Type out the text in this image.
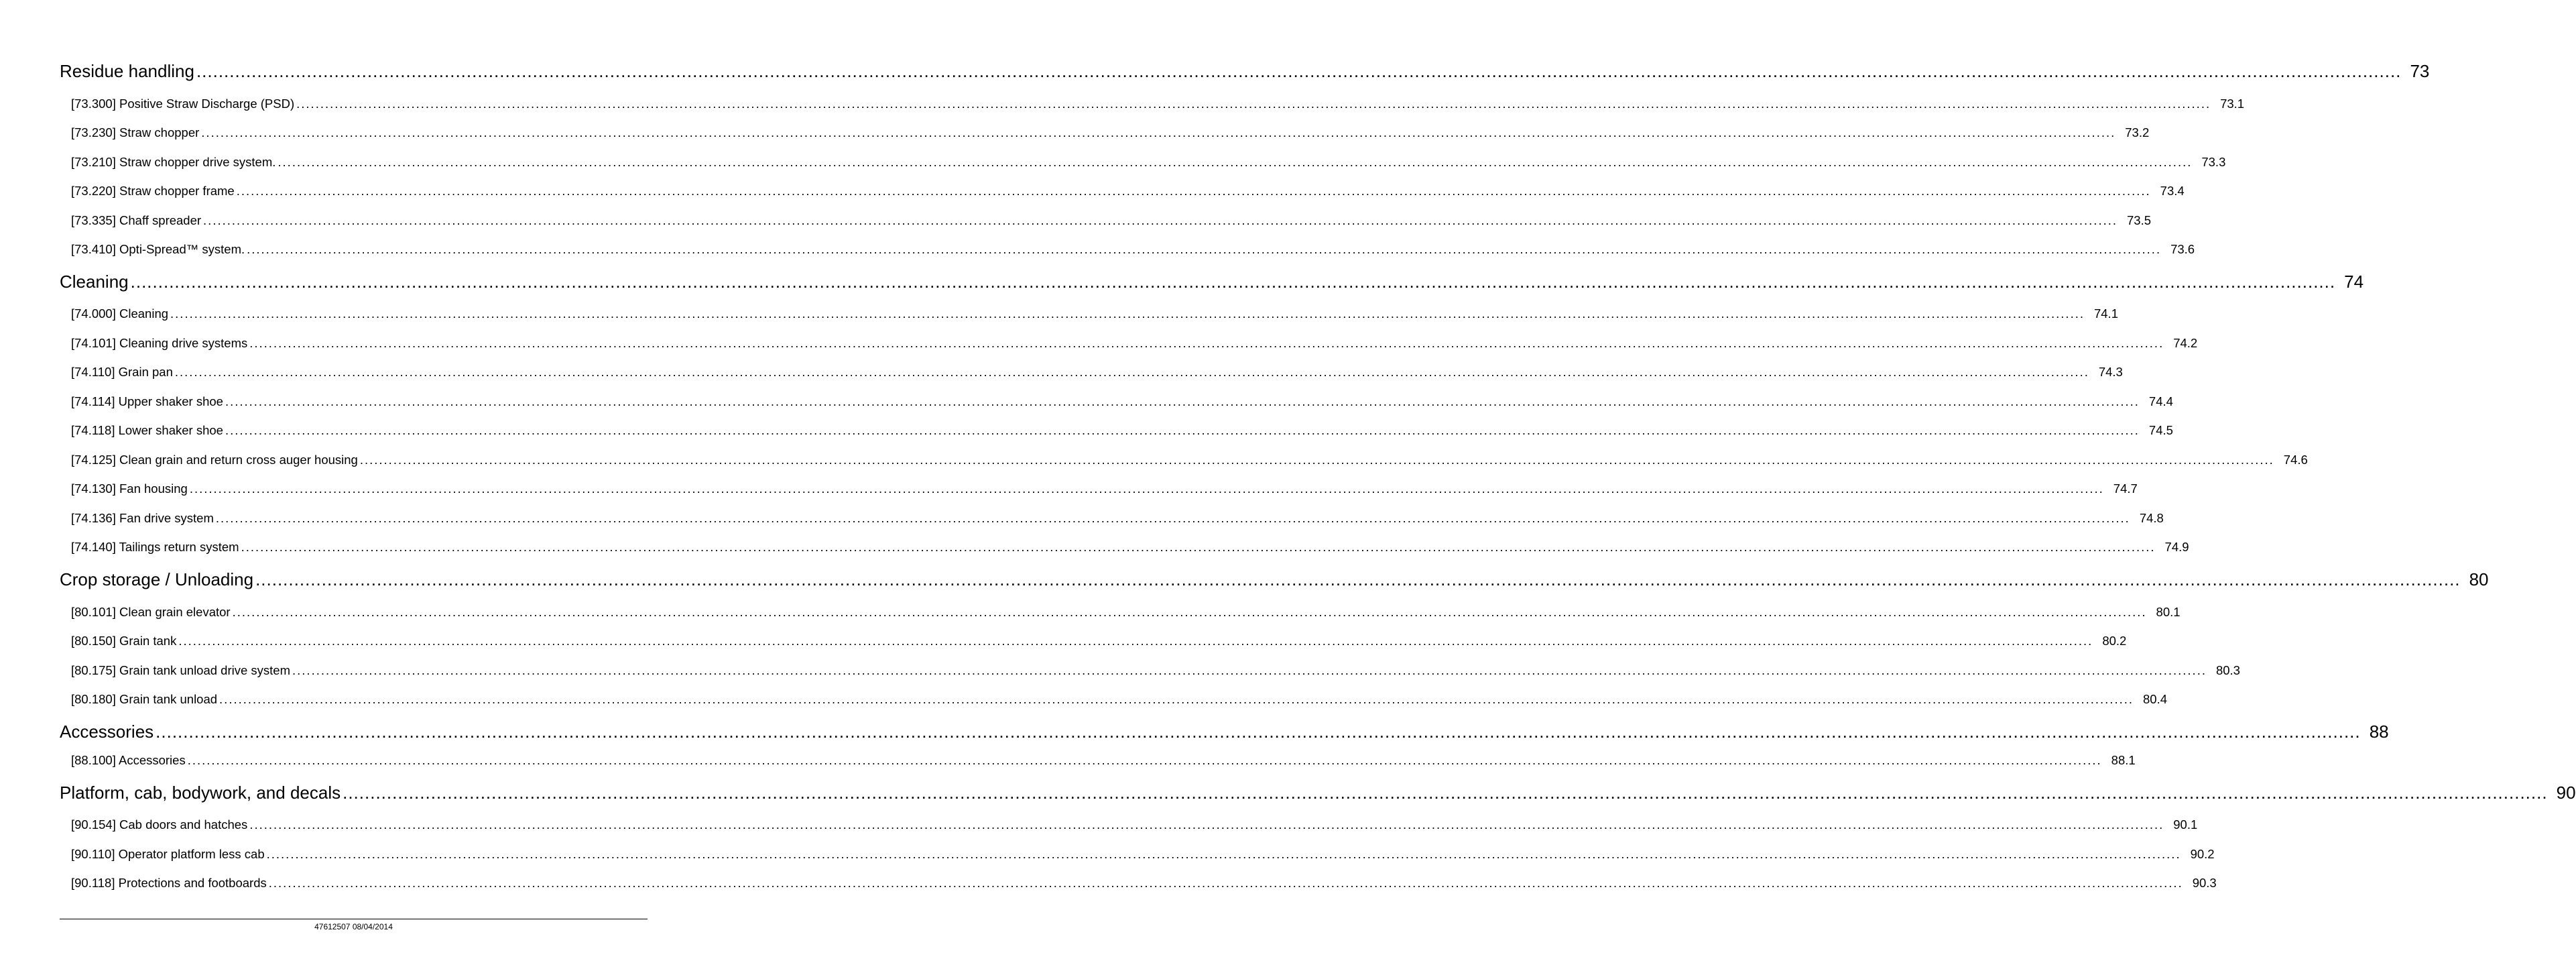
Residue handling ................................................................................................................................................................................................................................................................................................................................................................................................................ 73
[73.300] Positive Straw Discharge (PSD) ................................................................................................................................................................................................................................................................................................................................................................................................................ 73.1
[73.230] Straw chopper ................................................................................................................................................................................................................................................................................................................................................................................................................ 73.2
[73.210] Straw chopper drive system. ................................................................................................................................................................................................................................................................................................................................................................................................................ 73.3
[73.220] Straw chopper frame ................................................................................................................................................................................................................................................................................................................................................................................................................ 73.4
[73.335] Chaff spreader ................................................................................................................................................................................................................................................................................................................................................................................................................ 73.5
[73.410] Opti-Spread™ system. ................................................................................................................................................................................................................................................................................................................................................................................................................ 73.6
Cleaning ................................................................................................................................................................................................................................................................................................................................................................................................................ 74
[74.000] Cleaning ................................................................................................................................................................................................................................................................................................................................................................................................................ 74.1
[74.101] Cleaning drive systems ................................................................................................................................................................................................................................................................................................................................................................................................................ 74.2
[74.110] Grain pan ................................................................................................................................................................................................................................................................................................................................................................................................................ 74.3
[74.114] Upper shaker shoe ................................................................................................................................................................................................................................................................................................................................................................................................................ 74.4
[74.118] Lower shaker shoe ................................................................................................................................................................................................................................................................................................................................................................................................................ 74.5
[74.125] Clean grain and return cross auger housing ................................................................................................................................................................................................................................................................................................................................................................................................................ 74.6
[74.130] Fan housing ................................................................................................................................................................................................................................................................................................................................................................................................................ 74.7
[74.136] Fan drive system ................................................................................................................................................................................................................................................................................................................................................................................................................ 74.8
[74.140] Tailings return system ................................................................................................................................................................................................................................................................................................................................................................................................................ 74.9
Crop storage / Unloading ................................................................................................................................................................................................................................................................................................................................................................................................................ 80
[80.101] Clean grain elevator ................................................................................................................................................................................................................................................................................................................................................................................................................ 80.1
[80.150] Grain tank ................................................................................................................................................................................................................................................................................................................................................................................................................ 80.2
[80.175] Grain tank unload drive system ................................................................................................................................................................................................................................................................................................................................................................................................................ 80.3
[80.180] Grain tank unload ................................................................................................................................................................................................................................................................................................................................................................................................................ 80.4
Accessories ................................................................................................................................................................................................................................................................................................................................................................................................................ 88
[88.100] Accessories ................................................................................................................................................................................................................................................................................................................................................................................................................ 88.1
Platform, cab, bodywork, and decals ................................................................................................................................................................................................................................................................................................................................................................................................................ 90
[90.154] Cab doors and hatches ................................................................................................................................................................................................................................................................................................................................................................................................................ 90.1
[90.110] Operator platform less cab ................................................................................................................................................................................................................................................................................................................................................................................................................ 90.2
[90.118] Protections and footboards ................................................................................................................................................................................................................................................................................................................................................................................................................ 90.3
47612507 08/04/2014
